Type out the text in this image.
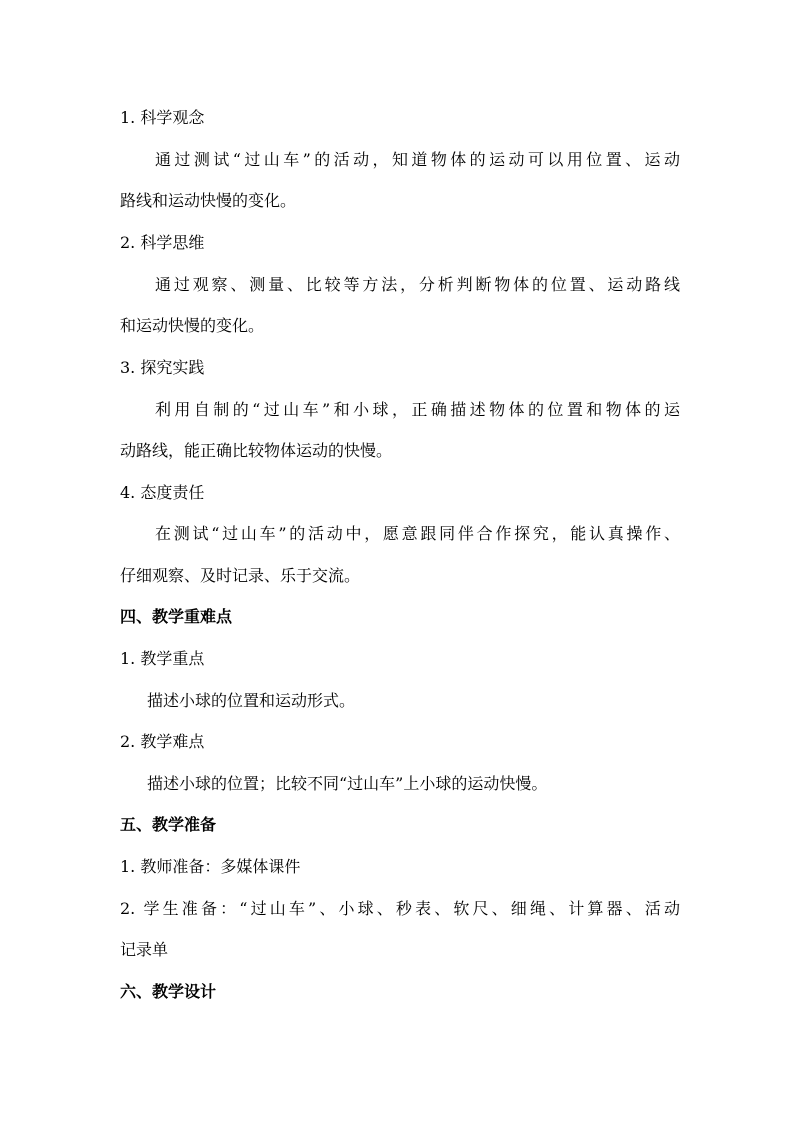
1. 科学观念
通过测试“过山车”的活动，知道物体的运动可以用位置、运动
路线和运动快慢的变化。
2. 科学思维
通过观察、测量、比较等方法，分析判断物体的位置、运动路线
和运动快慢的变化。
3. 探究实践
利用自制的“过山车”和小球，正确描述物体的位置和物体的运
动路线，能正确比较物体运动的快慢。
4. 态度责任
在测试“过山车”的活动中，愿意跟同伴合作探究，能认真操作、
仔细观察、及时记录、乐于交流。
四、教学重难点
1. 教学重点
描述小球的位置和运动形式。
2. 教学难点
描述小球的位置；比较不同“过山车”上小球的运动快慢。
五、教学准备
1. 教师准备：多媒体课件
2. 学生准备：“过山车”、小球、秒表、软尺、细绳、计算器、活动
记录单
六、教学设计
